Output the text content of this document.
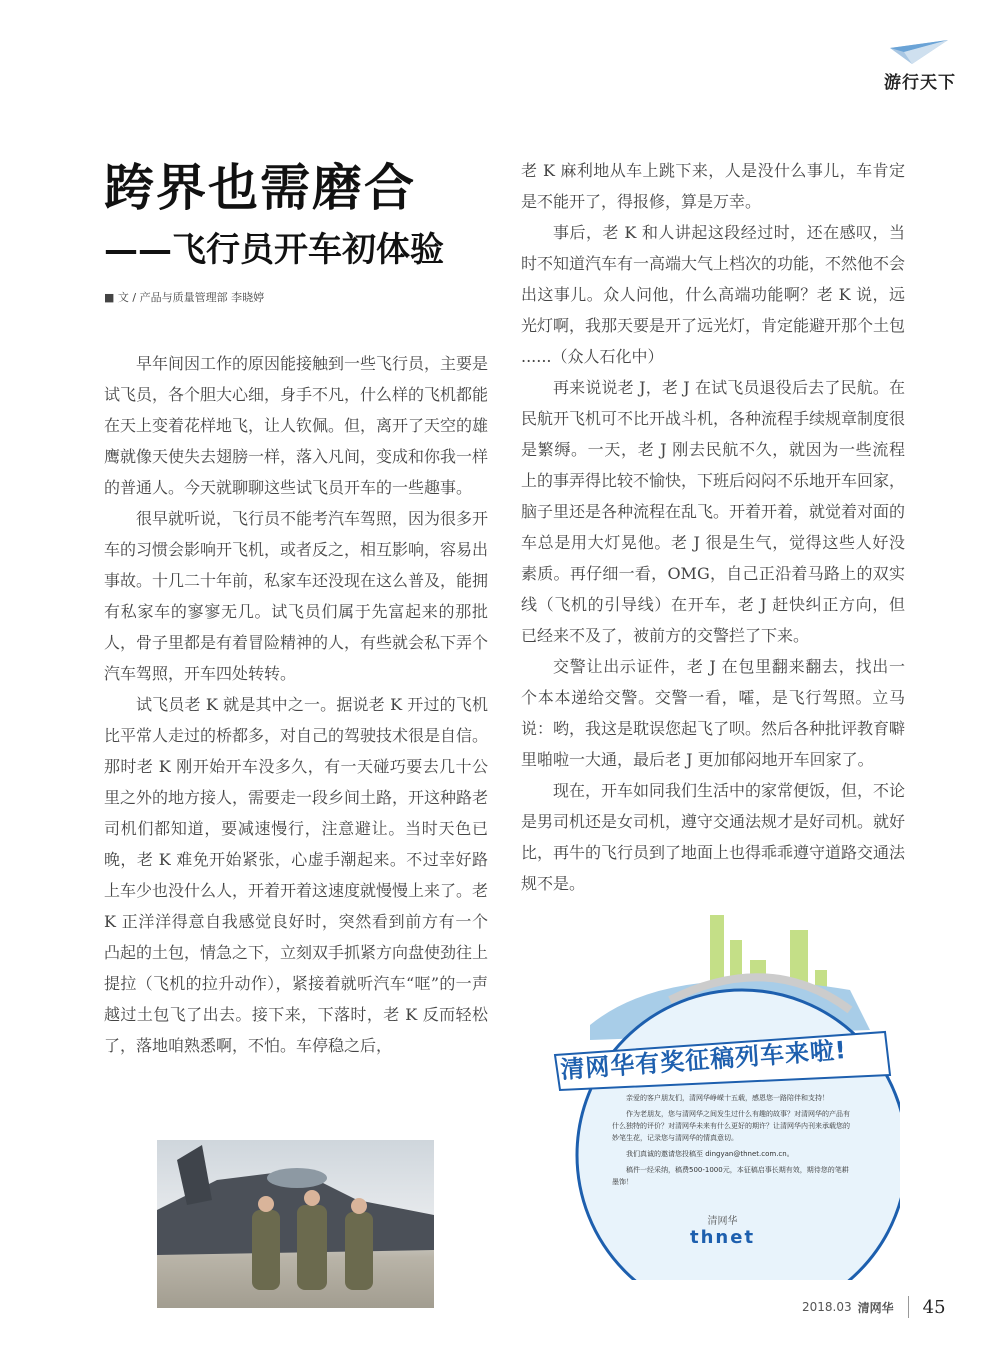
游行天下
跨界也需磨合
——飞行员开车初体验
■ 文 / 产品与质量管理部 李晓婷

早年间因工作的原因能接触到一些飞行员，主要是试飞员，各个胆大心细，身手不凡，什么样的飞机都能在天上变着花样地飞，让人钦佩。但，离开了天空的雄鹰就像天使失去翅膀一样，落入凡间，变成和你我一样的普通人。今天就聊聊这些试飞员开车的一些趣事。

很早就听说，飞行员不能考汽车驾照，因为很多开车的习惯会影响开飞机，或者反之，相互影响，容易出事故。十几二十年前，私家车还没现在这么普及，能拥有私家车的寥寥无几。试飞员们属于先富起来的那批人，骨子里都是有着冒险精神的人，有些就会私下弄个汽车驾照，开车四处转转。

试飞员老 K 就是其中之一。据说老 K 开过的飞机比平常人走过的桥都多，对自己的驾驶技术很是自信。那时老 K 刚开始开车没多久，有一天碰巧要去几十公里之外的地方接人，需要走一段乡间土路，开这种路老司机们都知道，要减速慢行，注意避让。当时天色已晚，老 K 难免开始紧张，心虚手潮起来。不过幸好路上车少也没什么人，开着开着这速度就慢慢上来了。老 K 正洋洋得意自我感觉良好时，突然看到前方有一个凸起的土包，情急之下，立刻双手抓紧方向盘使劲往上提拉（飞机的拉升动作），紧接着就听汽车“哐”的一声越过土包飞了出去。接下来，下落时，老 K 反而轻松了，落地咱熟悉啊，不怕。车停稳之后，

老 K 麻利地从车上跳下来，人是没什么事儿，车肯定是不能开了，得报修，算是万幸。

事后，老 K 和人讲起这段经过时，还在感叹，当时不知道汽车有一高端大气上档次的功能，不然他不会出这事儿。众人问他，什么高端功能啊？老 K 说，远光灯啊，我那天要是开了远光灯，肯定能避开那个土包 ......（众人石化中）

再来说说老 J，老 J 在试飞员退役后去了民航。在民航开飞机可不比开战斗机，各种流程手续规章制度很是繁缛。一天，老 J 刚去民航不久，就因为一些流程上的事弄得比较不愉快，下班后闷闷不乐地开车回家，脑子里还是各种流程在乱飞。开着开着，就觉着对面的车总是用大灯晃他。老 J 很是生气，觉得这些人好没素质。再仔细一看，OMG，自己正沿着马路上的双实线（飞机的引导线）在开车，老 J 赶快纠正方向，但已经来不及了，被前方的交警拦了下来。

交警让出示证件，老 J 在包里翻来翻去，找出一个本本递给交警。交警一看，嚯，是飞行驾照。立马说：哟，我这是耽误您起飞了呗。然后各种批评教育噼里啪啦一大通，最后老 J 更加郁闷地开车回家了。

现在，开车如同我们生活中的家常便饭，但，不论是男司机还是女司机，遵守交通法规才是好司机。就好比，再牛的飞行员到了地面上也得乖乖遵守道路交通法规不是。

清网华有奖征稿列车来啦!

亲爱的客户朋友们，清网华峥嵘十五载，感恩您一路陪伴和支持！

作为老朋友，您与清网华之间发生过什么有趣的故事？对清网华的产品有什么独特的评价？对清网华未来有什么更好的期许？让清网华内刊来承载您的妙笔生花，记录您与清网华的情真意切。

我们真诚的邀请您投稿至 dingyan@thnet.com.cn。

稿件一经采纳，稿费500-1000元，本征稿启事长期有效，期待您的笔耕墨饰！

清网华
thnet
2018.03 清网华 45
